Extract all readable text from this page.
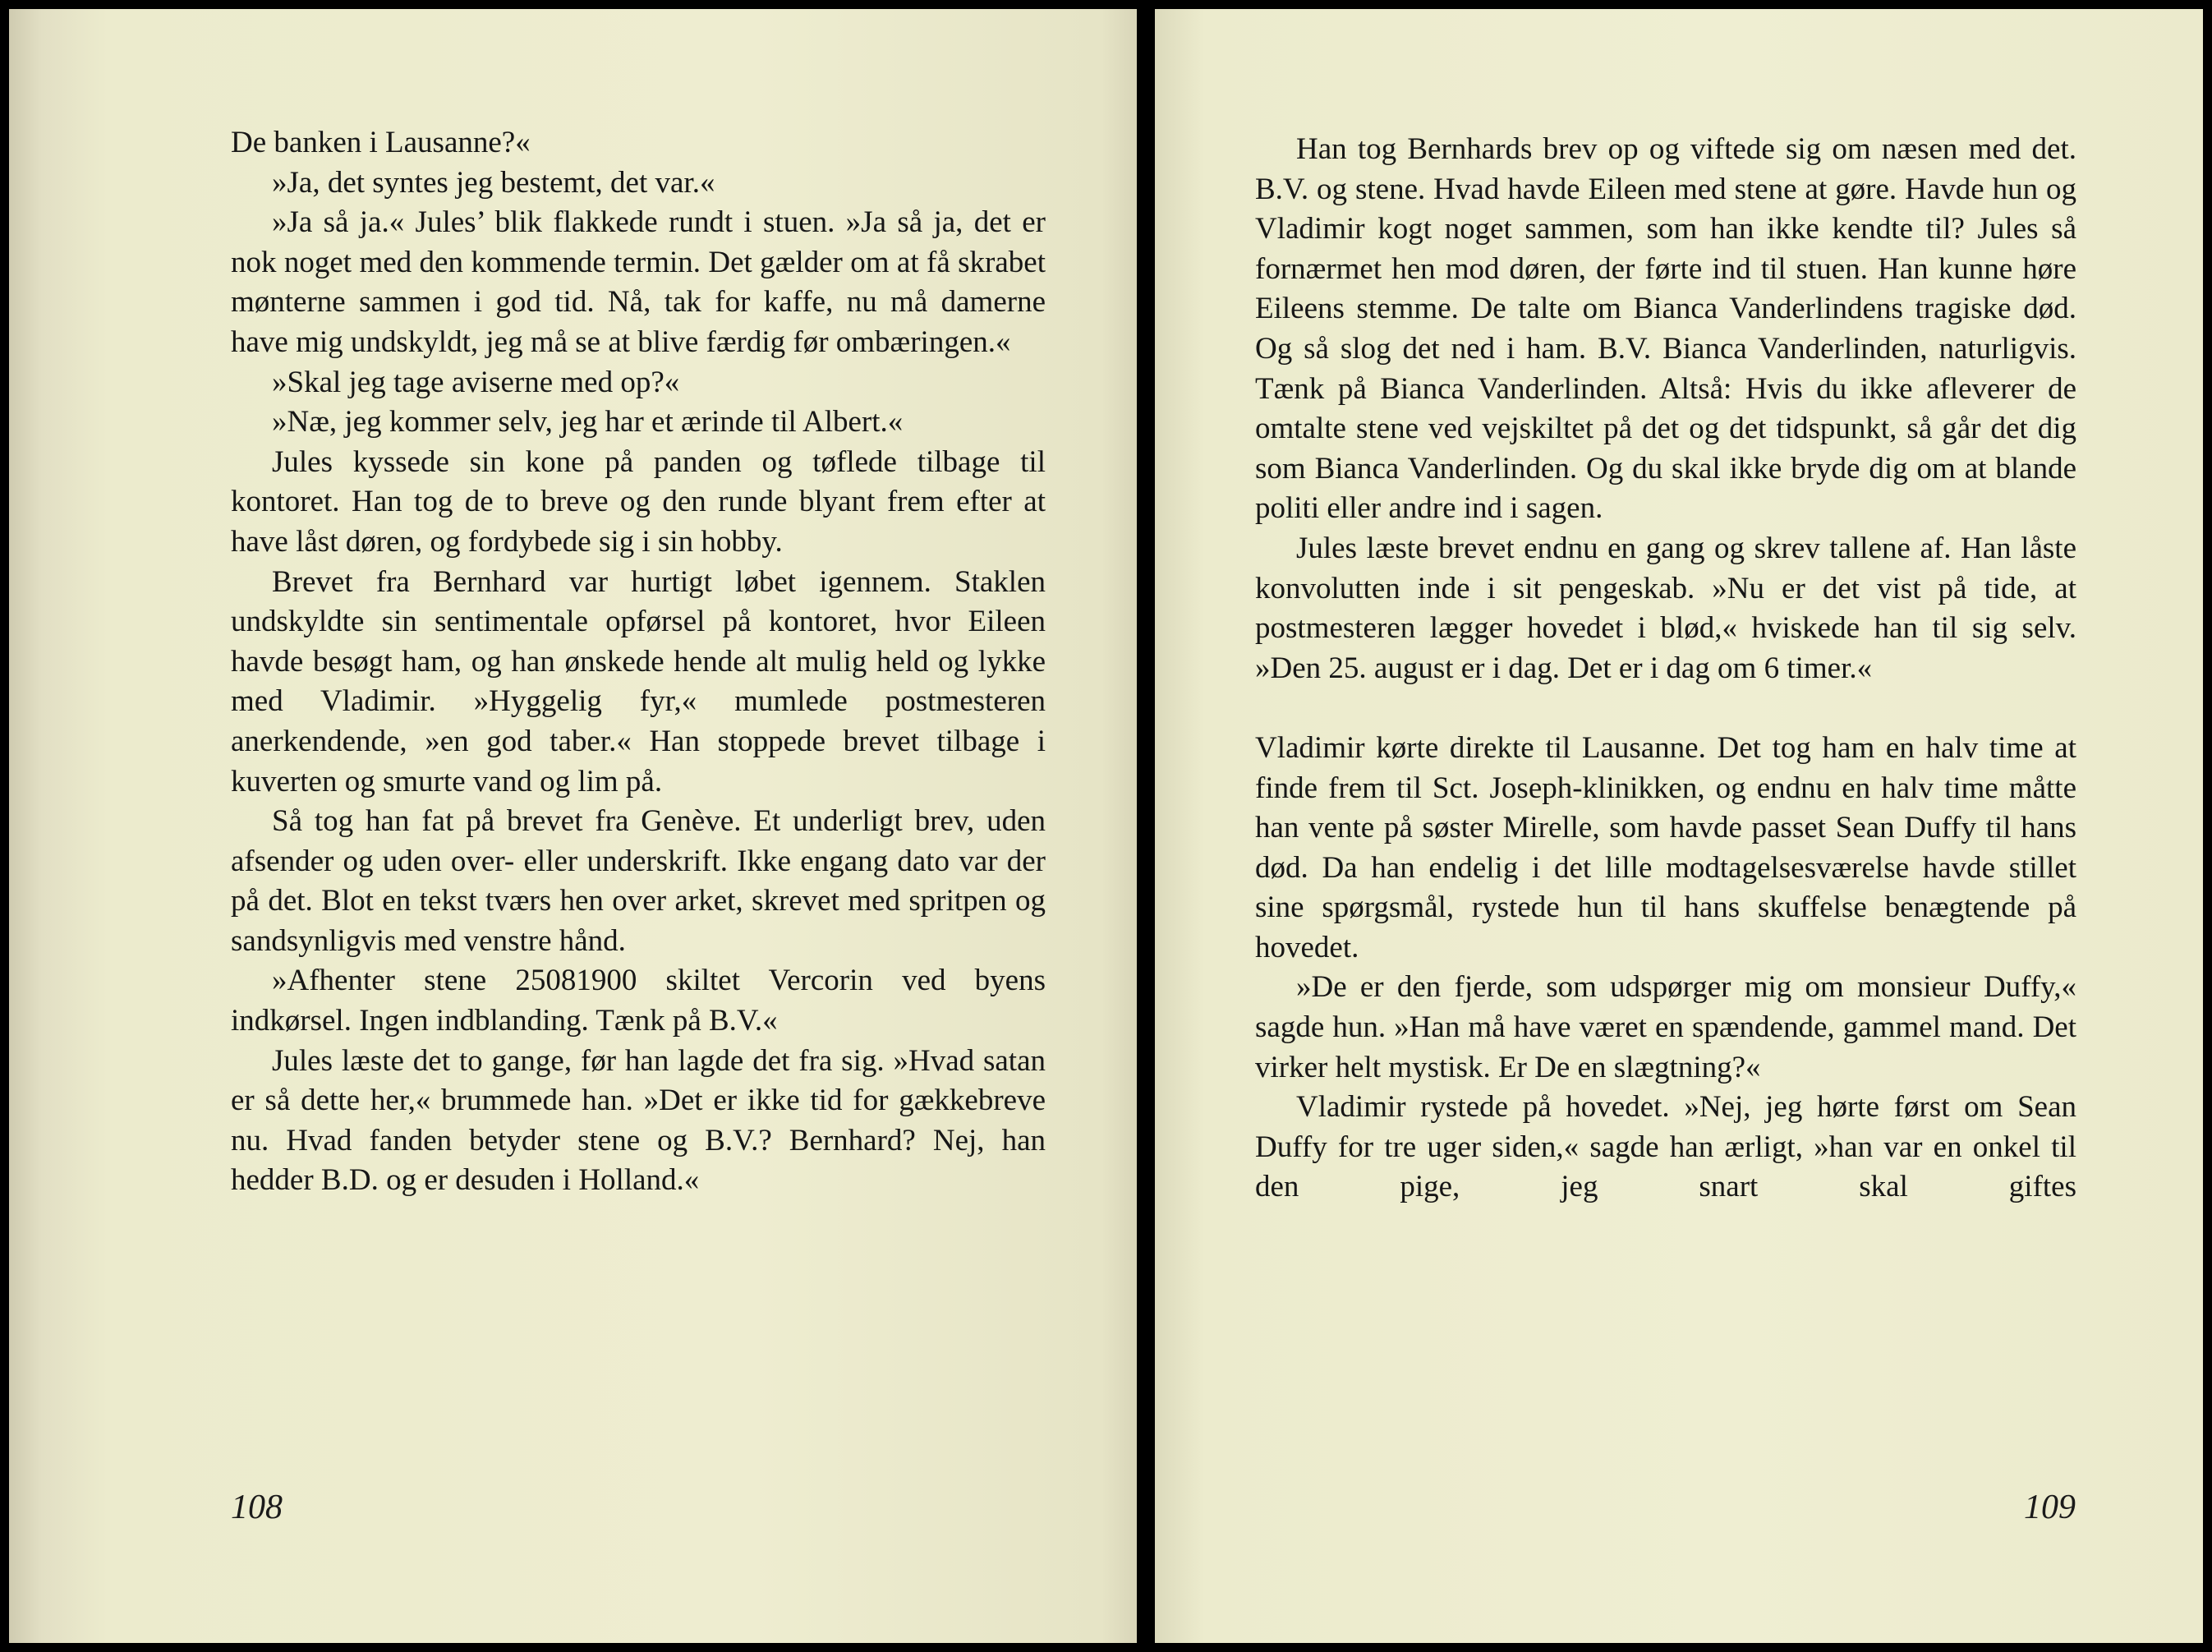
De banken i Lausanne?«

»Ja, det syntes jeg bestemt, det var.«

»Ja så ja.« Jules’ blik flakkede rundt i stuen. »Ja så ja, det er nok noget med den kommende termin. Det gælder om at få skrabet mønterne sammen i god tid. Nå, tak for kaffe, nu må damerne have mig undskyldt, jeg må se at blive færdig før ombæringen.«

»Skal jeg tage aviserne med op?«

»Næ, jeg kommer selv, jeg har et ærinde til Albert.«

Jules kyssede sin kone på panden og tøflede tilbage til kontoret. Han tog de to breve og den runde blyant frem efter at have låst døren, og fordybede sig i sin hobby.

Brevet fra Bernhard var hurtigt løbet igennem. Staklen undskyldte sin sentimentale opførsel på kontoret, hvor Eileen havde besøgt ham, og han ønskede hende alt mulig held og lykke med Vladimir. »Hyggelig fyr,« mumlede postmesteren anerkendende, »en god taber.« Han stoppede brevet tilbage i kuverten og smurte vand og lim på.

Så tog han fat på brevet fra Genève. Et underligt brev, uden afsender og uden over- eller underskrift. Ikke engang dato var der på det. Blot en tekst tværs hen over arket, skrevet med spritpen og sandsynligvis med venstre hånd.

»Afhenter stene 25081900 skiltet Vercorin ved byens indkørsel. Ingen indblanding. Tænk på B.V.«

Jules læste det to gange, før han lagde det fra sig. »Hvad satan er så dette her,« brummede han. »Det er ikke tid for gækkebreve nu. Hvad fanden betyder stene og B.V.? Bernhard? Nej, han hedder B.D. og er desuden i Holland.«

108

Han tog Bernhards brev op og viftede sig om næsen med det. B.V. og stene. Hvad havde Eileen med stene at gøre. Havde hun og Vladimir kogt noget sammen, som han ikke kendte til? Jules så fornærmet hen mod døren, der førte ind til stuen. Han kunne høre Eileens stemme. De talte om Bianca Vanderlindens tragiske død. Og så slog det ned i ham. B.V. Bianca Vanderlinden, naturligvis. Tænk på Bianca Vanderlinden. Altså: Hvis du ikke afleverer de omtalte stene ved vejskiltet på det og det tidspunkt, så går det dig som Bianca Vanderlinden. Og du skal ikke bryde dig om at blande politi eller andre ind i sagen.

Jules læste brevet endnu en gang og skrev tallene af. Han låste konvolutten inde i sit pengeskab. »Nu er det vist på tide, at postmesteren lægger hovedet i blød,« hviskede han til sig selv. »Den 25. august er i dag. Det er i dag om 6 timer.«

Vladimir kørte direkte til Lausanne. Det tog ham en halv time at finde frem til Sct. Joseph-klinikken, og endnu en halv time måtte han vente på søster Mirelle, som havde passet Sean Duffy til hans død. Da han endelig i det lille modtagelsesværelse havde stillet sine spørgsmål, rystede hun til hans skuffelse benægtende på hovedet.

»De er den fjerde, som udspørger mig om monsieur Duffy,« sagde hun. »Han må have været en spændende, gammel mand. Det virker helt mystisk. Er De en slægtning?«

Vladimir rystede på hovedet. »Nej, jeg hørte først om Sean Duffy for tre uger siden,« sagde han ærligt, »han var en onkel til den pige, jeg snart skal giftes

109
